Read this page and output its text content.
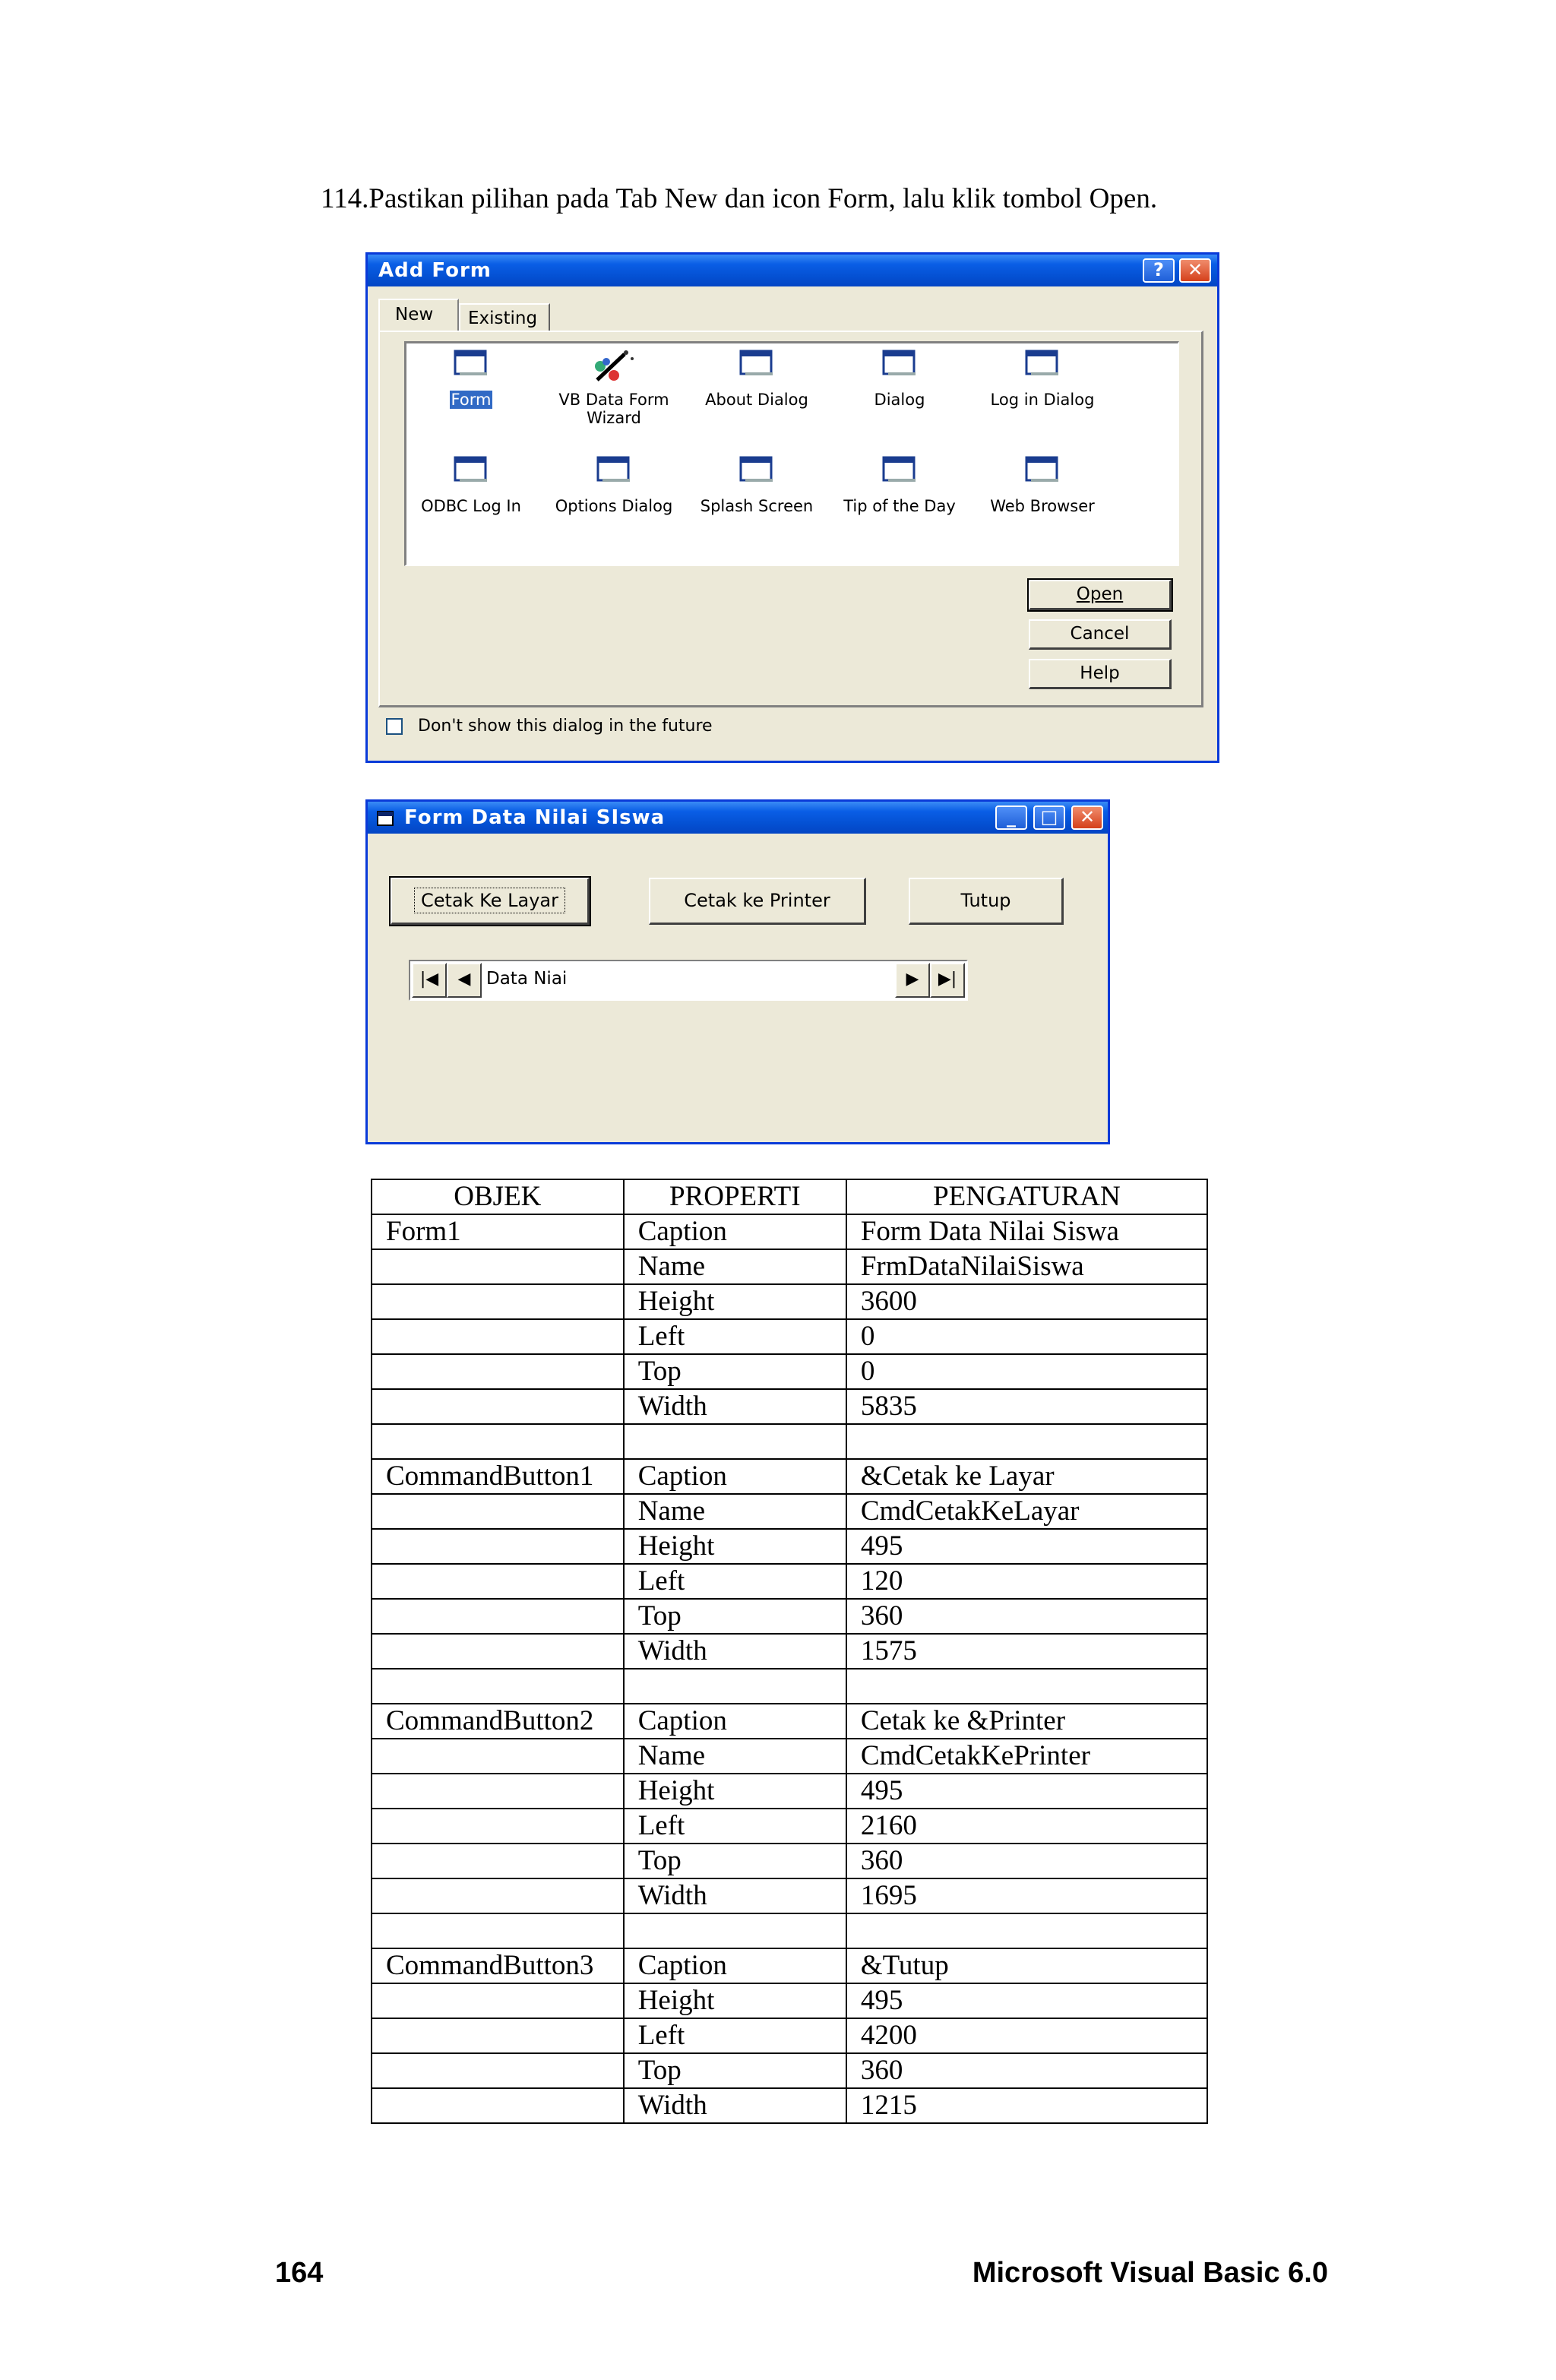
114.Pastikan pilihan pada Tab New dan icon Form, lalu klik tombol Open.
Add Form	?	✕
New	Existing
Form	VB Data Form
Wizard
About Dialog	Dialog	Log in Dialog
ODBC Log In	Options Dialog	Splash Screen	Tip of the Day	Web Browser
Open
Cancel
Help
Don't show this dialog in the future
Form Data Nilai SIswa	_	□	✕
Cetak Ke Layar	Cetak ke Printer	Tutup
|◀	◀ Data Niai	▶	▶|
OBJEK	PROPERTI	PENGATURAN
Form1	Caption	Form Data Nilai Siswa
	Name	FrmDataNilaiSiswa
	Height	3600
	Left	0
	Top	0
	Width	5835

CommandButton1	Caption	&Cetak ke Layar
	Name	CmdCetakKeLayar
	Height	495
	Left	120
	Top	360
	Width	1575

CommandButton2	Caption	Cetak ke &Printer
	Name	CmdCetakKePrinter
	Height	495
	Left	2160
	Top	360
	Width	1695

CommandButton3	Caption	&Tutup
	Height	495
	Left	4200
	Top	360
	Width	1215
164	Microsoft Visual Basic 6.0
